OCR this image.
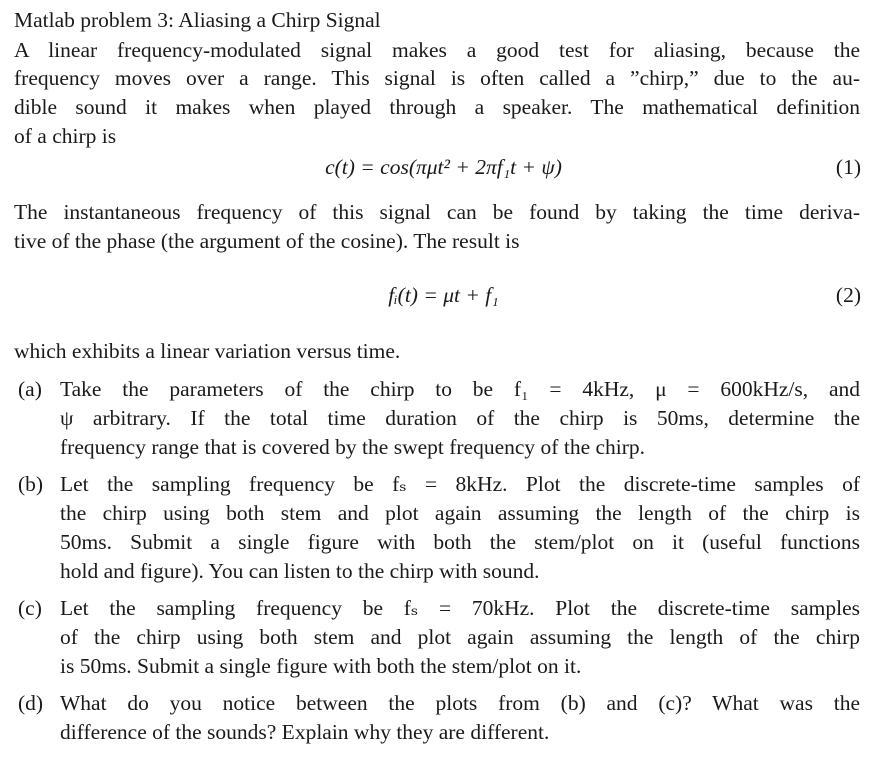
Matlab problem 3: Aliasing a Chirp Signal
A linear frequency-modulated signal makes a good test for aliasing, because the
frequency moves over a range. This signal is often called a ”chirp,” due to the au-
dible sound it makes when played through a speaker. The mathematical definition
of a chirp is
c(t) = cos(πμt² + 2πf₁t + ψ)	(1)
The instantaneous frequency of this signal can be found by taking the time deriva-
tive of the phase (the argument of the cosine). The result is
fᵢ(t) = μt + f₁	(2)
which exhibits a linear variation versus time.
(a) Take the parameters of the chirp to be f₁ = 4kHz, μ = 600kHz/s, and
ψ arbitrary. If the total time duration of the chirp is 50ms, determine the
frequency range that is covered by the swept frequency of the chirp.
(b) Let the sampling frequency be fₛ = 8kHz. Plot the discrete-time samples of
the chirp using both stem and plot again assuming the length of the chirp is
50ms. Submit a single figure with both the stem/plot on it (useful functions
hold and figure). You can listen to the chirp with sound.
(c) Let the sampling frequency be fₛ = 70kHz. Plot the discrete-time samples
of the chirp using both stem and plot again assuming the length of the chirp
is 50ms. Submit a single figure with both the stem/plot on it.
(d) What do you notice between the plots from (b) and (c)? What was the
difference of the sounds? Explain why they are different.
